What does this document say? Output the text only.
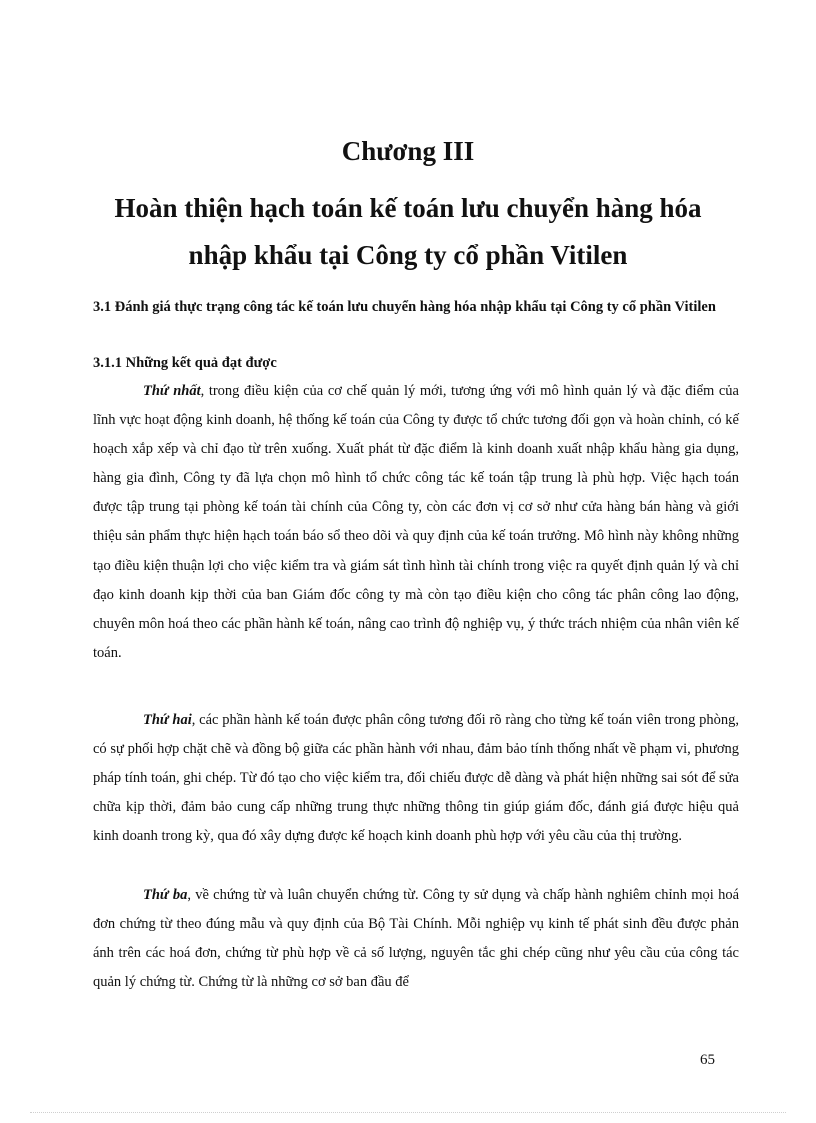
Chương III
Hoàn thiện hạch toán kế toán lưu chuyển hàng hóa
nhập khẩu tại Công ty cổ phần Vitilen
3.1 Đánh giá thực trạng công tác kế toán lưu chuyển hàng hóa nhập khẩu tại Công ty cổ phần Vitilen
3.1.1 Những kết quả đạt được

Thứ nhất, trong điều kiện của cơ chế quản lý mới, tương ứng với mô hình quản lý và đặc điểm của lĩnh vực hoạt động kinh doanh, hệ thống kế toán của Công ty được tổ chức tương đối gọn và hoàn chỉnh, có kế hoạch xắp xếp và chỉ đạo từ trên xuống. Xuất phát từ đặc điểm là kinh doanh xuất nhập khẩu hàng gia dụng, hàng gia đình, Công ty đã lựa chọn mô hình tổ chức công tác kế toán tập trung là phù hợp. Việc hạch toán được tập trung tại phòng kế toán tài chính của Công ty, còn các đơn vị cơ sở như cửa hàng bán hàng và giới thiệu sản phẩm thực hiện hạch toán báo sổ theo dõi và quy định của kế toán trưởng. Mô hình này không những tạo điều kiện thuận lợi cho việc kiểm tra và giám sát tình hình tài chính trong việc ra quyết định quản lý và chỉ đạo kinh doanh kịp thời của ban Giám đốc công ty mà còn tạo điều kiện cho công tác phân công lao động, chuyên môn hoá theo các phần hành kế toán, nâng cao trình độ nghiệp vụ, ý thức trách nhiệm của nhân viên kế toán.

Thứ hai, các phần hành kế toán được phân công tương đối rõ ràng cho từng kế toán viên trong phòng, có sự phối hợp chặt chẽ và đồng bộ giữa các phần hành với nhau, đảm bảo tính thống nhất về phạm vi, phương pháp tính toán, ghi chép. Từ đó tạo cho việc kiểm tra, đối chiếu được dễ dàng và phát hiện những sai sót để sửa chữa kịp thời, đảm bảo cung cấp những trung thực những thông tin giúp giám đốc, đánh giá được hiệu quả kinh doanh trong kỳ, qua đó xây dựng được kế hoạch kinh doanh phù hợp với yêu cầu của thị trường.

Thứ ba, về chứng từ và luân chuyển chứng từ. Công ty sử dụng và chấp hành nghiêm chỉnh mọi hoá đơn chứng từ theo đúng mẫu và quy định của Bộ Tài Chính. Mỗi nghiệp vụ kinh tế phát sinh đều được phản ánh trên các hoá đơn, chứng từ phù hợp về cả số lượng, nguyên tắc ghi chép cũng như yêu cầu của công tác quản lý chứng từ. Chứng từ là những cơ sở ban đầu để

65
